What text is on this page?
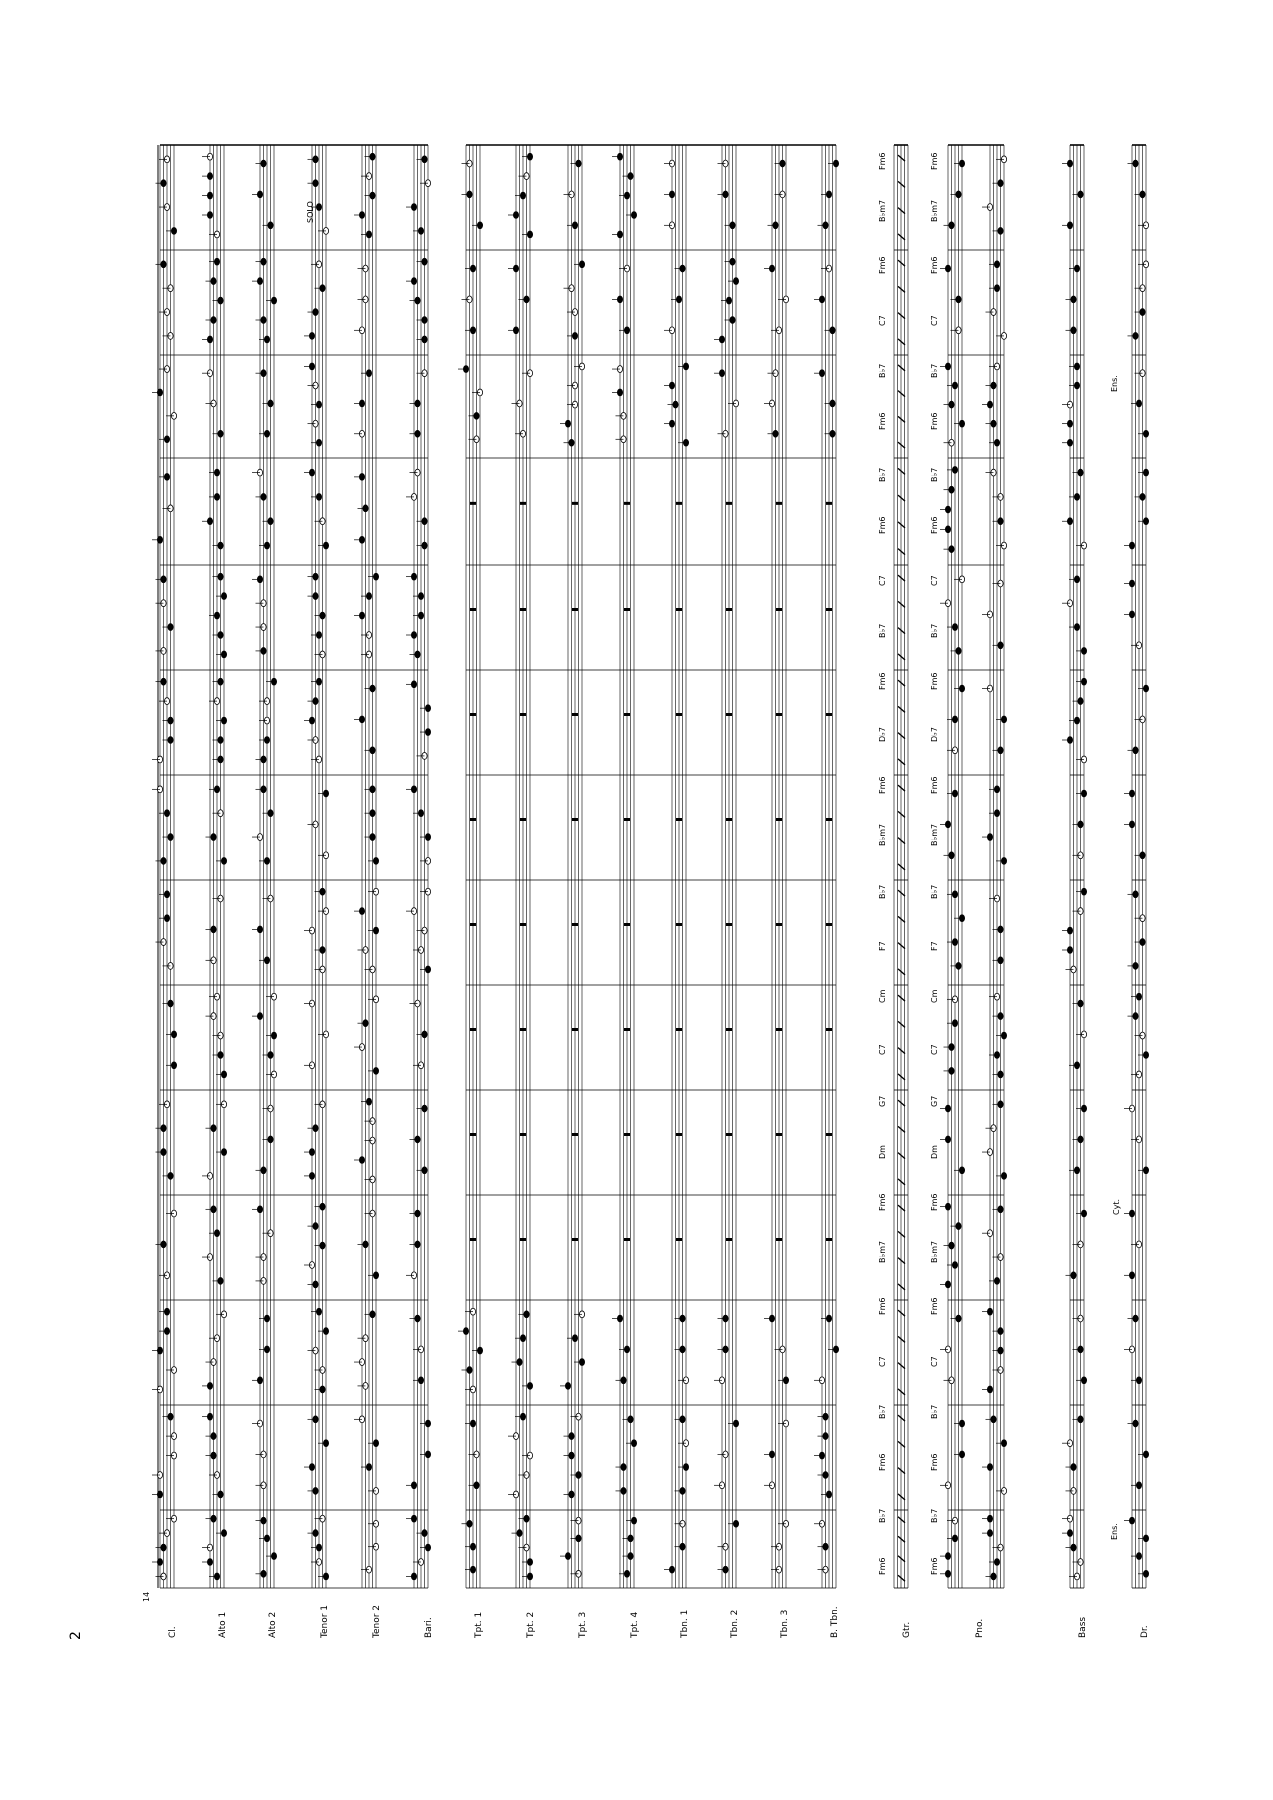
2	Cl.	Alto 1	Alto 2	Tenor 1	Tenor 2	Bari.	Tpt. 1	Tpt. 2	Tpt. 3	Tpt. 4	Tbn. 1	Tbn. 2	Tbn. 3	B. Tbn.	Gtr.	Pno.	Bass	Dr.
Fm6
B♭7
Fm6
B♭7
C7
Fm6
B♭m7
Fm6
Dm
G7
C7
Cm
F7
B♭7
B♭m7
Fm6
D♭7
Fm6
B♭7
C7
Fm6
B♭7
Fm6
B♭7
C7
Fm6
B♭m7
Fm6
Fm6
B♭7
Fm6
B♭7
C7
Fm6
B♭m7
Fm6
Dm
G7
C7
Cm
F7
B♭7
B♭m7
Fm6
D♭7
Fm6
B♭7
C7
Fm6
B♭7
Fm6
B♭7
C7
Fm6
B♭m7
Fm6
14
SOLO
Ens.
Ens.
Cyt.
